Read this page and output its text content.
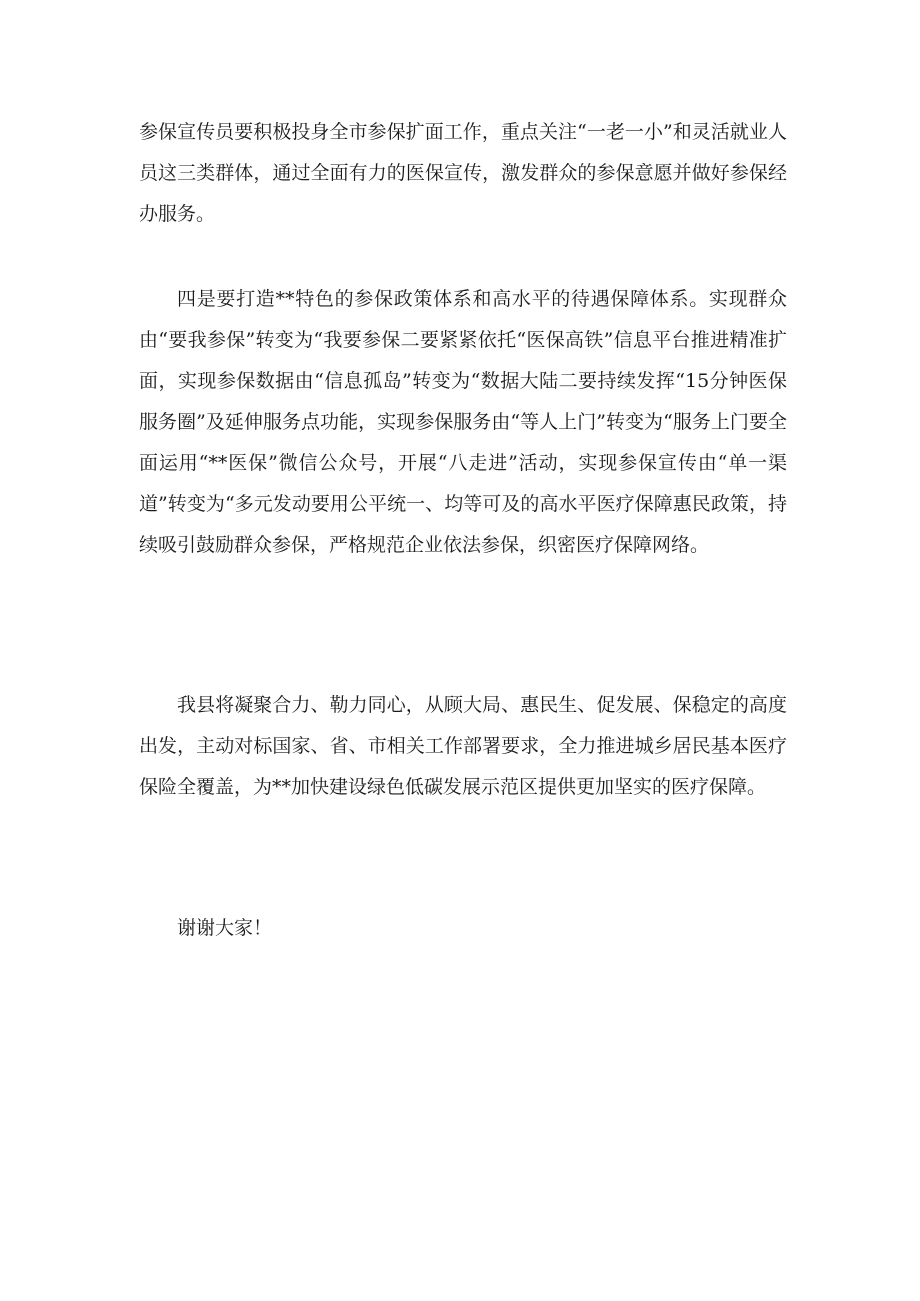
参保宣传员要积极投身全市参保扩面工作，重点关注“一老一小”和灵活就业人员这三类群体，通过全面有力的医保宣传，激发群众的参保意愿并做好参保经办服务。

四是要打造**特色的参保政策体系和高水平的待遇保障体系。实现群众由“要我参保”转变为“我要参保二要紧紧依托“医保高铁”信息平台推进精准扩面，实现参保数据由“信息孤岛”转变为“数据大陆二要持续发挥“15分钟医保服务圈”及延伸服务点功能，实现参保服务由“等人上门”转变为“服务上门要全面运用“**医保”微信公众号，开展“八走进”活动，实现参保宣传由“单一渠道”转变为“多元发动要用公平统一、均等可及的高水平医疗保障惠民政策，持续吸引鼓励群众参保，严格规范企业依法参保，织密医疗保障网络。

我县将凝聚合力、勒力同心，从顾大局、惠民生、促发展、保稳定的高度出发，主动对标国家、省、市相关工作部署要求，全力推进城乡居民基本医疗保险全覆盖，为**加快建设绿色低碳发展示范区提供更加坚实的医疗保障。

谢谢大家！
